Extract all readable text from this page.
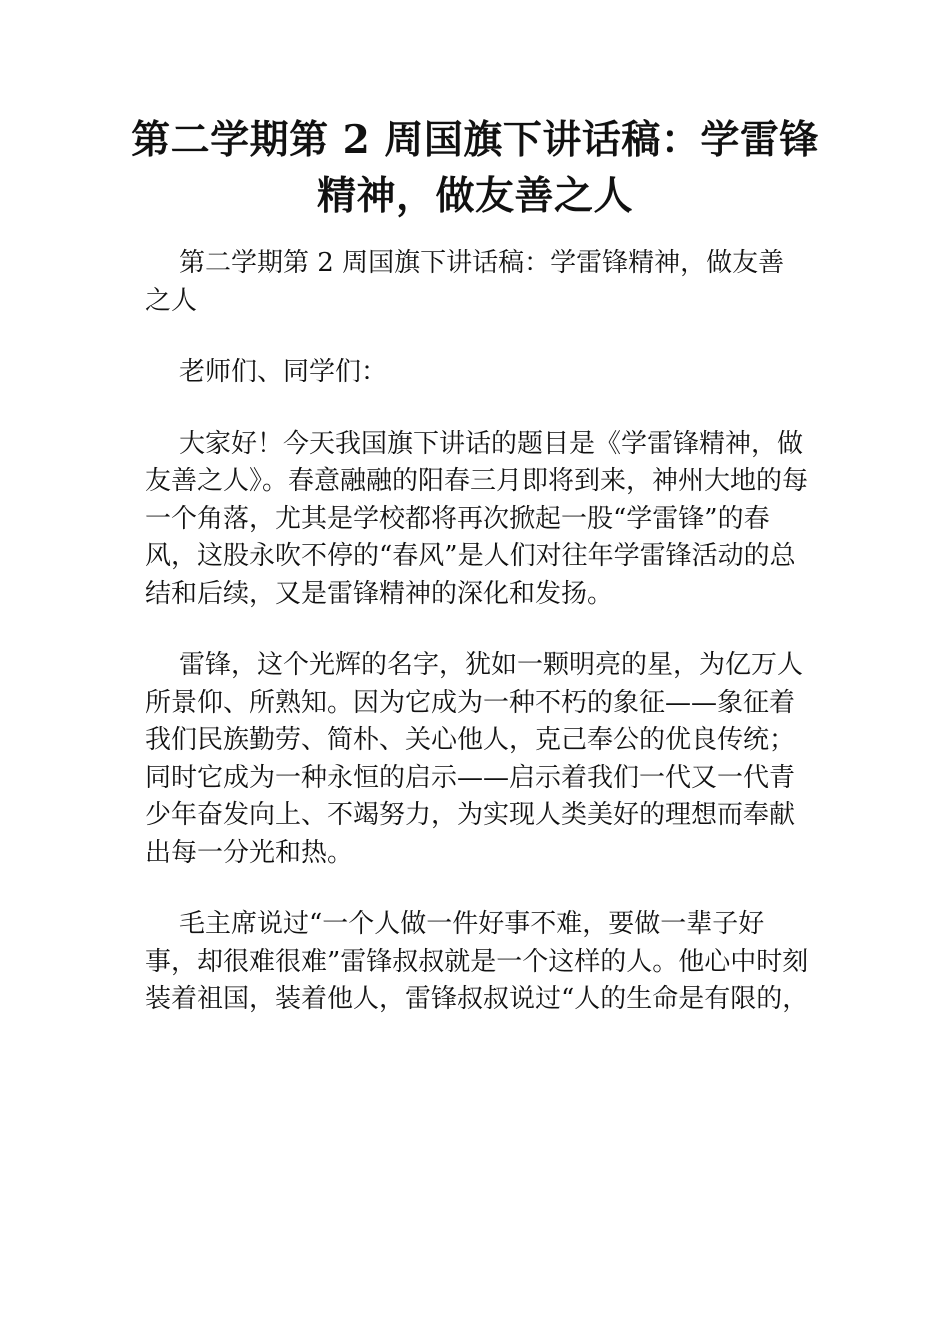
第二学期第 2 周国旗下讲话稿：学雷锋
精神，做友善之人

第二学期第 2 周国旗下讲话稿：学雷锋精神，做友善之人

老师们、同学们：

大家好！今天我国旗下讲话的题目是《学雷锋精神，做友善之人》。春意融融的阳春三月即将到来，神州大地的每一个角落，尤其是学校都将再次掀起一股“学雷锋”的春风，这股永吹不停的“春风”是人们对往年学雷锋活动的总结和后续，又是雷锋精神的深化和发扬。

雷锋，这个光辉的名字，犹如一颗明亮的星，为亿万人所景仰、所熟知。因为它成为一种不朽的象征——象征着我们民族勤劳、简朴、关心他人，克己奉公的优良传统；同时它成为一种永恒的启示——启示着我们一代又一代青少年奋发向上、不竭努力，为实现人类美好的理想而奉献出每一分光和热。

毛主席说过“一个人做一件好事不难，要做一辈子好事，却很难很难”雷锋叔叔就是一个这样的人。他心中时刻装着祖国，装着他人，雷锋叔叔说过“人的生命是有限的，
